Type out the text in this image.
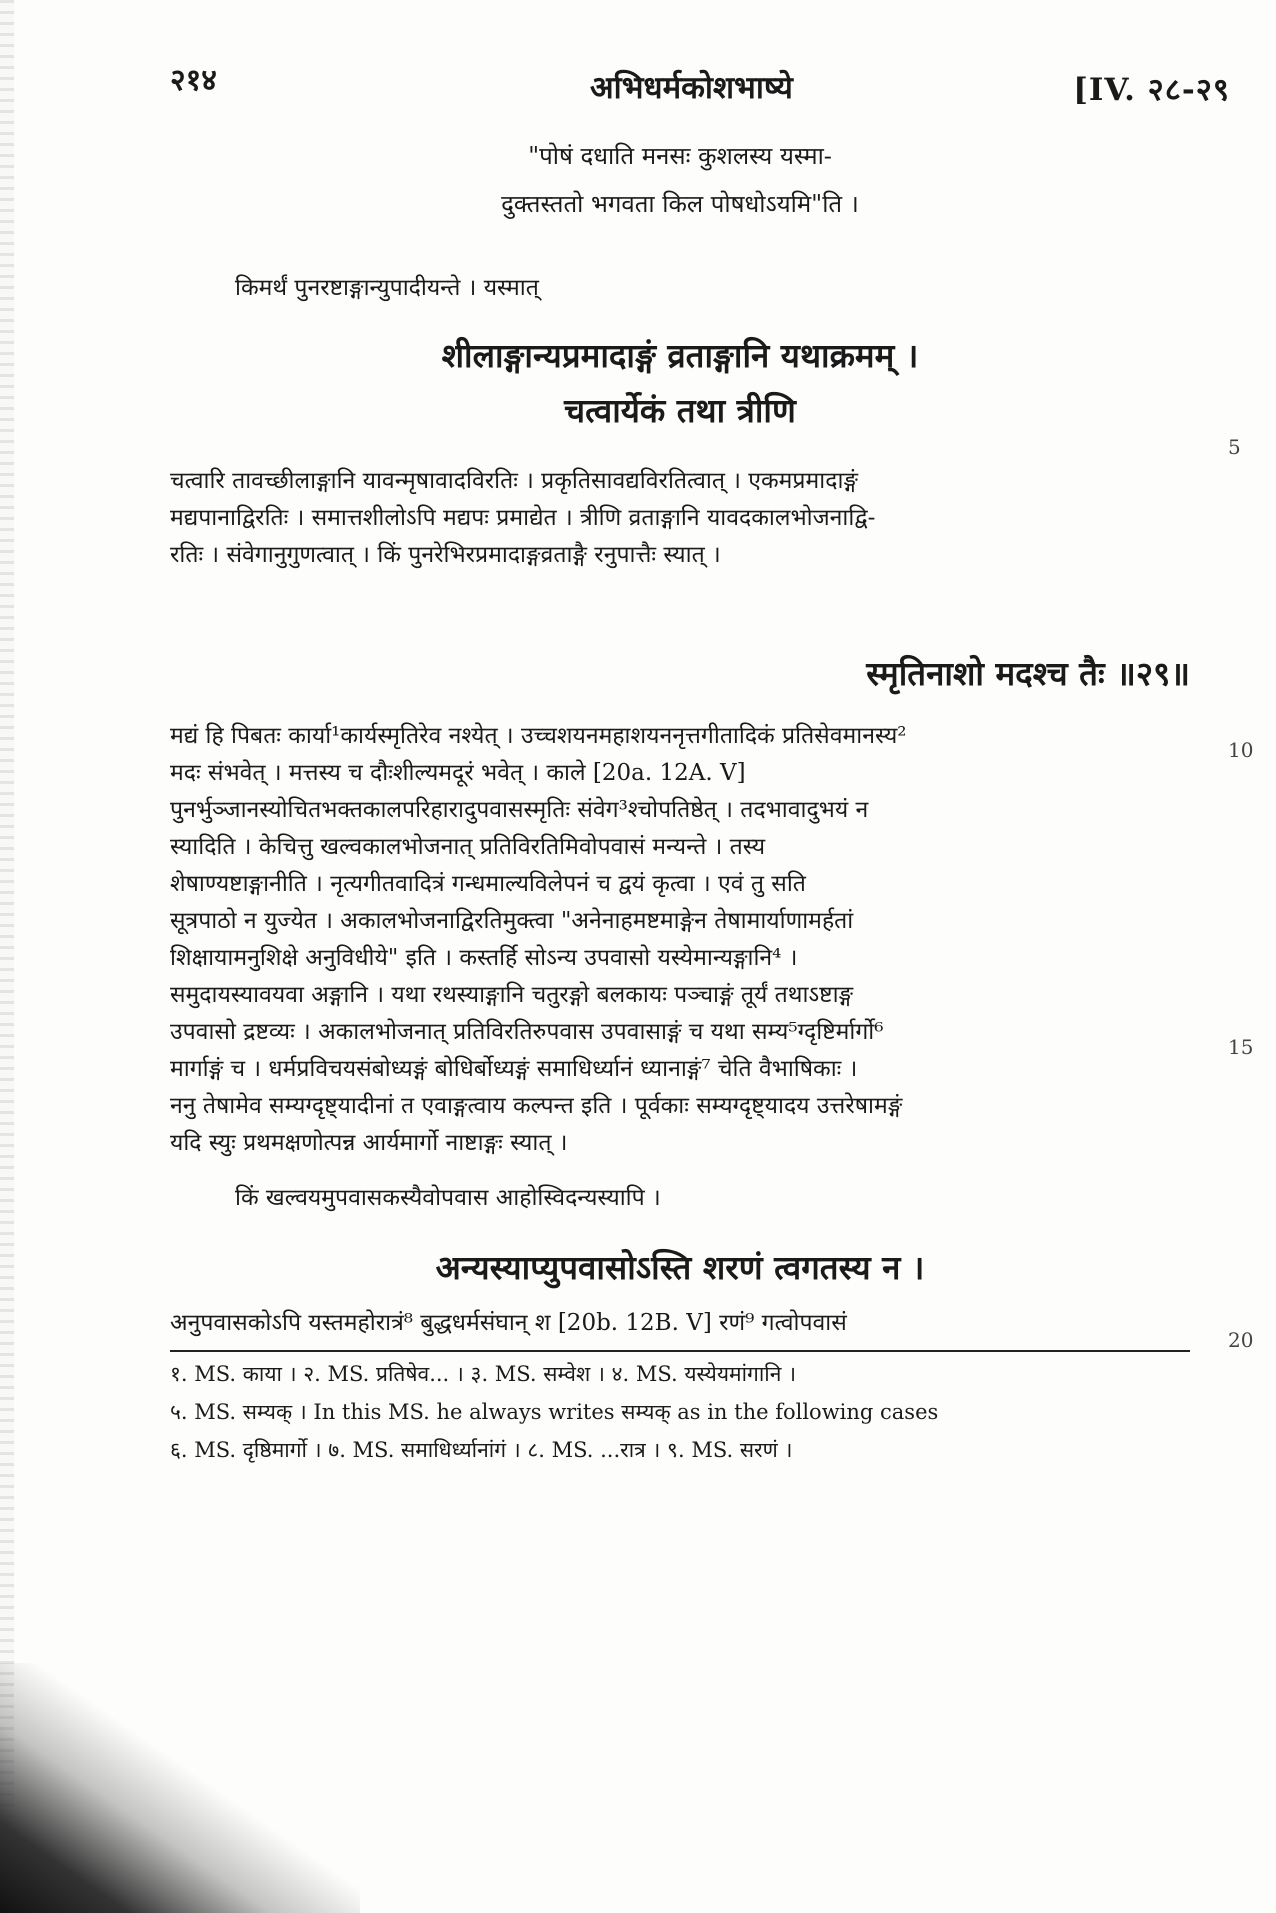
२१४	अभिधर्मकोशभाष्ये	[IV. २८-२९
"पोषं दधाति मनसः कुशलस्य यस्मा-
दुक्तस्ततो भगवता किल पोषधोऽयमि"ति ।
किमर्थं पुनरष्टाङ्गान्युपादीयन्ते । यस्मात्
शीलाङ्गान्यप्रमादाङ्गं व्रताङ्गानि यथाक्रमम् ।
चत्वार्येकं तथा त्रीणि
चत्वारि तावच्छीलाङ्गानि यावन्मृषावादविरतिः । प्रकृतिसावद्यविरतित्वात् । एकमप्रमादाङ्गं
मद्यपानाद्विरतिः । समात्तशीलोऽपि मद्यपः प्रमाद्येत । त्रीणि व्रताङ्गानि यावदकालभोजनाद्वि-
रतिः । संवेगानुगुणत्वात् । किं पुनरेभिरप्रमादाङ्गव्रताङ्गै रनुपात्तैः स्यात् ।
स्मृतिनाशो मदश्च तैः ॥२९॥
मद्यं हि पिबतः कार्या¹कार्यस्मृतिरेव नश्येत् । उच्चशयनमहाशयननृत्तगीतादिकं प्रतिसेवमानस्य²
मदः संभवेत् । मत्तस्य च दौःशील्यमदूरं भवेत् । काले [20a. 12A. V]
पुनर्भुञ्जानस्योचितभक्तकालपरिहारादुपवासस्मृतिः संवेग³श्चोपतिष्ठेत् । तदभावादुभयं न
स्यादिति । केचित्तु खल्वकालभोजनात् प्रतिविरतिमिवोपवासं मन्यन्ते । तस्य
शेषाण्यष्टाङ्गानीति । नृत्यगीतवादित्रं गन्धमाल्यविलेपनं च द्वयं कृत्वा । एवं तु सति
सूत्रपाठो न युज्येत । अकालभोजनाद्विरतिमुक्त्वा "अनेनाहमष्टमाङ्गेन तेषामार्याणामर्हतां
शिक्षायामनुशिक्षे अनुविधीये" इति । कस्तर्हि सोऽन्य उपवासो यस्येमान्यङ्गानि⁴ ।
समुदायस्यावयवा अङ्गानि । यथा रथस्याङ्गानि चतुरङ्गो बलकायः पञ्चाङ्गं तूर्यं तथाऽष्टाङ्ग
उपवासो द्रष्टव्यः । अकालभोजनात् प्रतिविरतिरुपवास उपवासाङ्गं च यथा सम्य⁵ग्दृष्टिर्मार्गो⁶
मार्गाङ्गं च । धर्मप्रविचयसंबोध्यङ्गं बोधिर्बोध्यङ्गं समाधिर्ध्यानं ध्यानाङ्गं⁷ चेति वैभाषिकाः ।
ननु तेषामेव सम्यग्दृष्ट्यादीनां त एवाङ्गत्वाय कल्पन्त इति । पूर्वकाः सम्यग्दृष्ट्यादय उत्तरेषामङ्गं
यदि स्युः प्रथमक्षणोत्पन्न आर्यमार्गो नाष्टाङ्गः स्यात् ।
किं खल्वयमुपवासकस्यैवोपवास आहोस्विदन्यस्यापि ।
अन्यस्याप्युपवासोऽस्ति शरणं त्वगतस्य न ।
अनुपवासकोऽपि यस्तमहोरात्रं⁸ बुद्धधर्मसंघान् श [20b. 12B. V] रणं⁹ गत्वोपवासं
१. MS. काया । २. MS. प्रतिषेव... । ३. MS. सम्वेश । ४. MS. यस्येयमांगानि ।
५. MS. सम्यक् । In this MS. he always writes सम्यक् as in the following cases
६. MS. दृष्ठिमार्गो । ७. MS. समाधिर्ध्यानांगं । ८. MS. ...रात्र । ९. MS. सरणं ।
5
10
15
20
